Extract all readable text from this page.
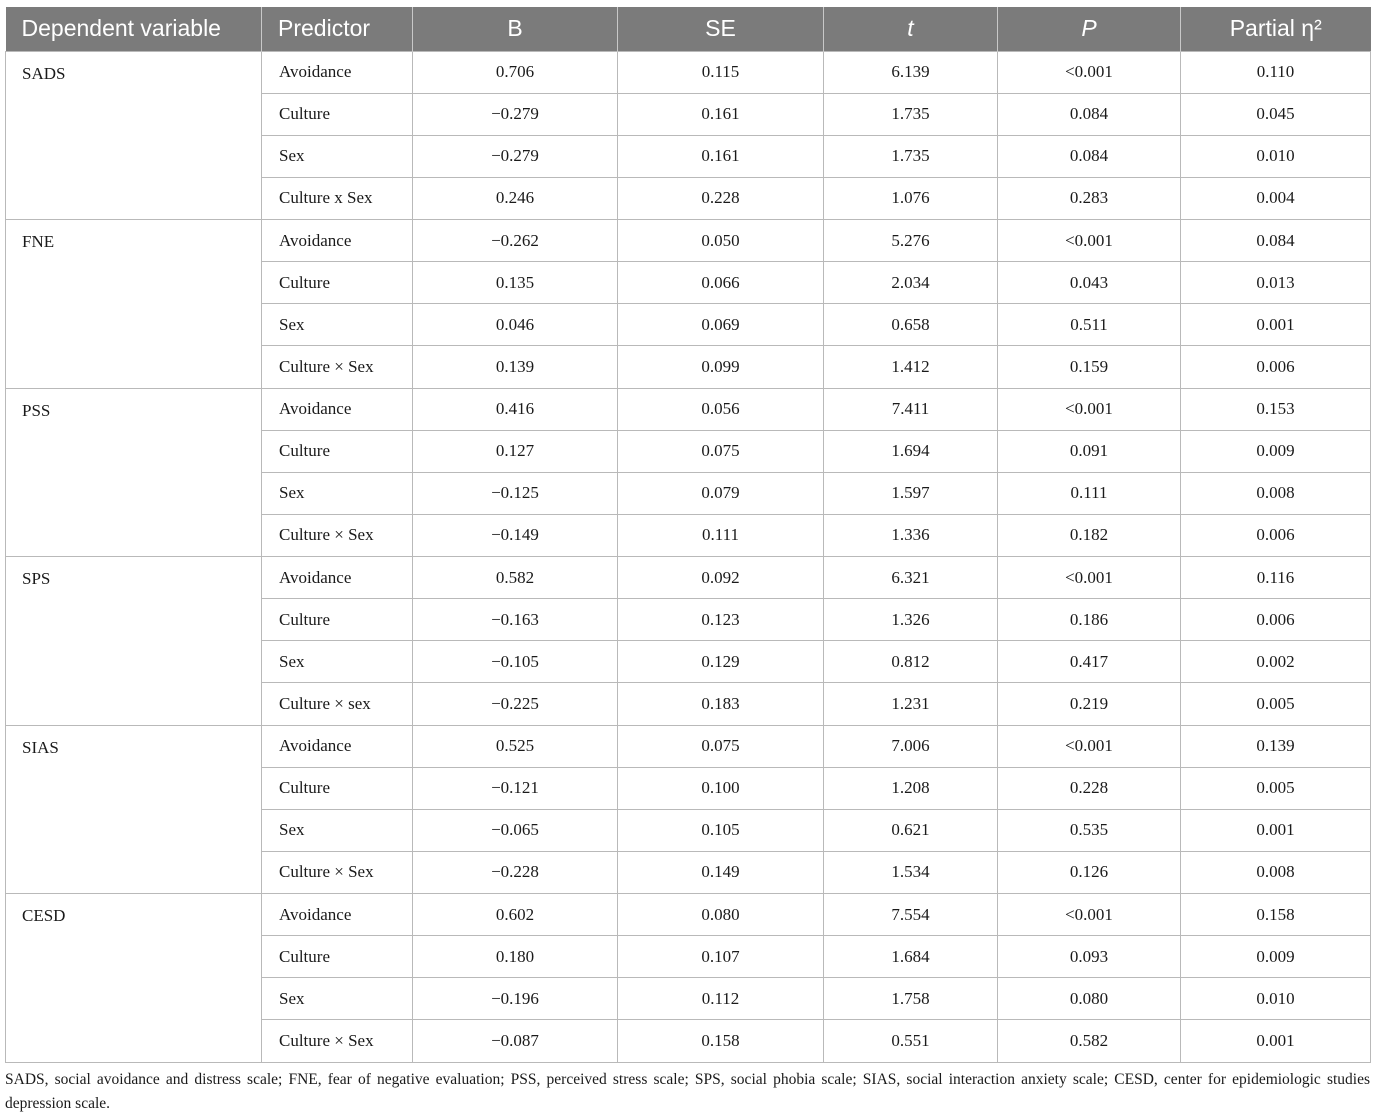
Dependent variable	Predictor	B	SE	t	P	Partial η²
SADS	Avoidance	0.706	0.115	6.139	<0.001	0.110
	Culture	−0.279	0.161	1.735	0.084	0.045
	Sex	−0.279	0.161	1.735	0.084	0.010
	Culture x Sex	0.246	0.228	1.076	0.283	0.004
FNE	Avoidance	−0.262	0.050	5.276	<0.001	0.084
	Culture	0.135	0.066	2.034	0.043	0.013
	Sex	0.046	0.069	0.658	0.511	0.001
	Culture × Sex	0.139	0.099	1.412	0.159	0.006
PSS	Avoidance	0.416	0.056	7.411	<0.001	0.153
	Culture	0.127	0.075	1.694	0.091	0.009
	Sex	−0.125	0.079	1.597	0.111	0.008
	Culture × Sex	−0.149	0.111	1.336	0.182	0.006
SPS	Avoidance	0.582	0.092	6.321	<0.001	0.116
	Culture	−0.163	0.123	1.326	0.186	0.006
	Sex	−0.105	0.129	0.812	0.417	0.002
	Culture × sex	−0.225	0.183	1.231	0.219	0.005
SIAS	Avoidance	0.525	0.075	7.006	<0.001	0.139
	Culture	−0.121	0.100	1.208	0.228	0.005
	Sex	−0.065	0.105	0.621	0.535	0.001
	Culture × Sex	−0.228	0.149	1.534	0.126	0.008
CESD	Avoidance	0.602	0.080	7.554	<0.001	0.158
	Culture	0.180	0.107	1.684	0.093	0.009
	Sex	−0.196	0.112	1.758	0.080	0.010
	Culture × Sex	−0.087	0.158	0.551	0.582	0.001

SADS, social avoidance and distress scale; FNE, fear of negative evaluation; PSS, perceived stress scale; SPS, social phobia scale; SIAS, social interaction anxiety scale; CESD, center for epidemiologic studies depression scale.
